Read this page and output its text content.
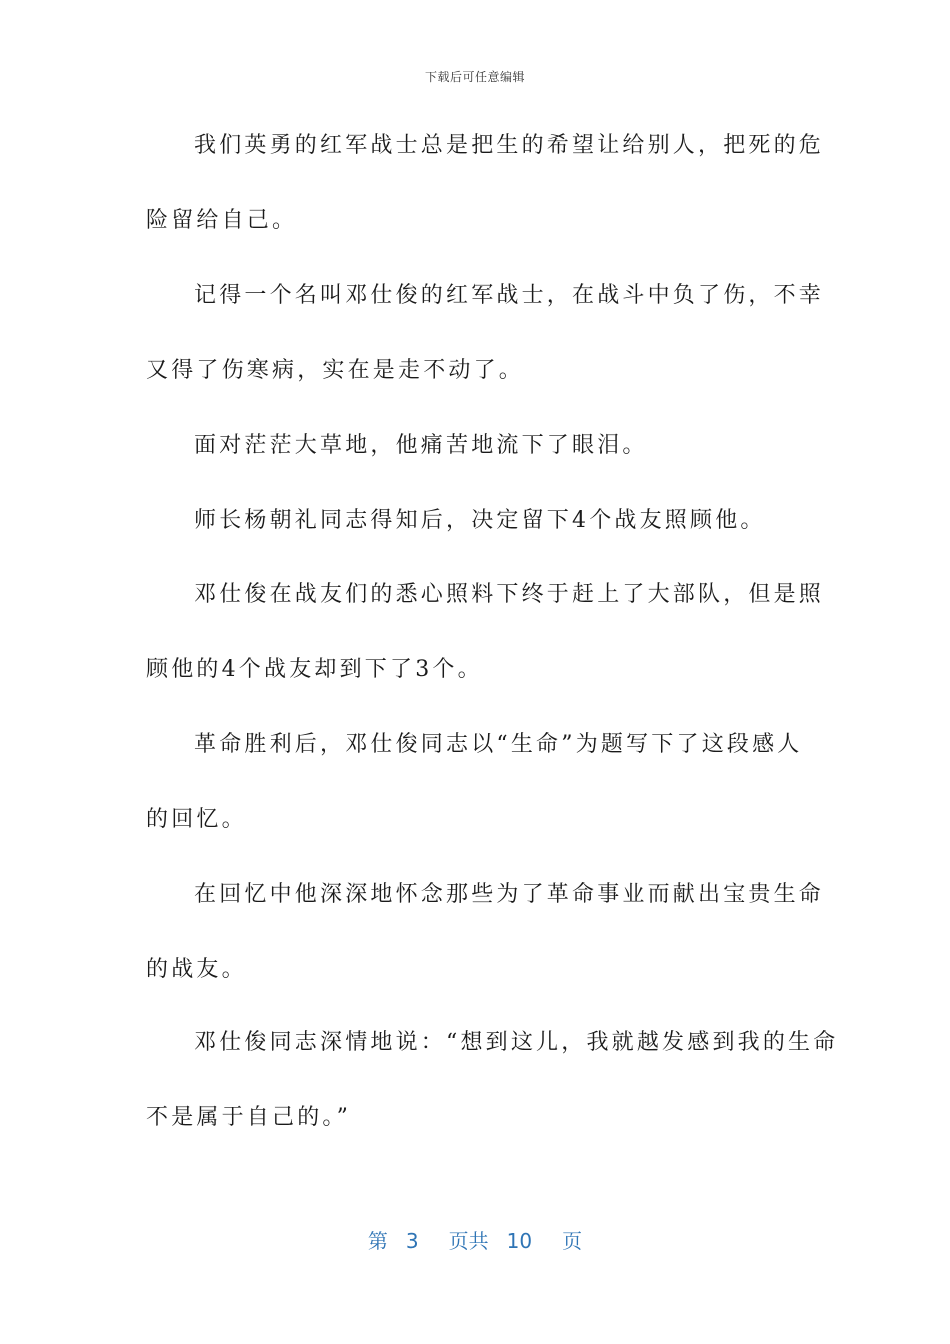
下载后可任意编辑
我们英勇的红军战士总是把生的希望让给别人，把死的危
险留给自己。
记得一个名叫邓仕俊的红军战士，在战斗中负了伤，不幸
又得了伤寒病，实在是走不动了。
面对茫茫大草地，他痛苦地流下了眼泪。
师长杨朝礼同志得知后，决定留下4个战友照顾他。
邓仕俊在战友们的悉心照料下终于赶上了大部队，但是照
顾他的4个战友却到下了3个。
革命胜利后，邓仕俊同志以“生命”为题写下了这段感人
的回忆。
在回忆中他深深地怀念那些为了革命事业而献出宝贵生命
的战友。
邓仕俊同志深情地说：“想到这儿，我就越发感到我的生命
不是属于自己的。”
第 3 页共 10 页
